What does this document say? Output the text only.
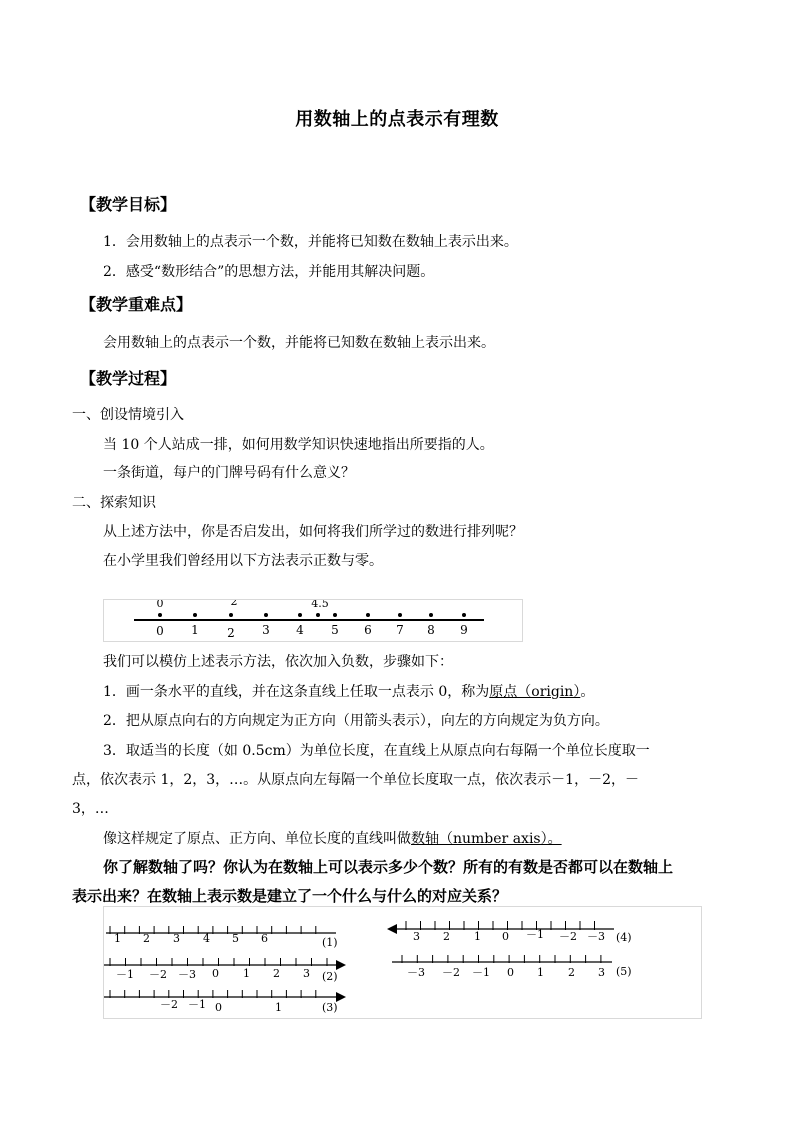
用数轴上的点表示有理数
【教学目标】
1．会用数轴上的点表示一个数，并能将已知数在数轴上表示出来。
2．感受“数形结合”的思想方法，并能用其解决问题。
【教学重难点】
会用数轴上的点表示一个数，并能将已知数在数轴上表示出来。
【教学过程】
一、创设情境引入
当 10 个人站成一排，如何用数学知识快速地指出所要指的人。
一条街道，每户的门牌号码有什么意义？
二、探索知识
从上述方法中，你是否启发出，如何将我们所学过的数进行排列呢？
在小学里我们曾经用以下方法表示正数与零。
0	2	4.5
0 1 2 3 4 5 6 7 8 9
我们可以模仿上述表示方法，依次加入负数，步骤如下：
1．画一条水平的直线，并在这条直线上任取一点表示 0，称为原点（origin）。
2．把从原点向右的方向规定为正方向（用箭头表示），向左的方向规定为负方向。
3．取适当的长度（如 0.5cm）为单位长度，在直线上从原点向右每隔一个单位长度取一
点，依次表示 1，2，3，…。从原点向左每隔一个单位长度取一点，依次表示－1，－2，－
3，…
像这样规定了原点、正方向、单位长度的直线叫做数轴（number axis）。
你了解数轴了吗？你认为在数轴上可以表示多少个数？所有的有数是否都可以在数轴上
表示出来？在数轴上表示数是建立了一个什么与什么的对应关系？
1 2 3 4 5 6	(1)
－1 －2 －3 0 1 2 3 (2)
－2 －1 0	1	(3)
3 2 1 0 －1 －2 －3 (4)
－3 －2 －1 0 1 2 3 (5)
